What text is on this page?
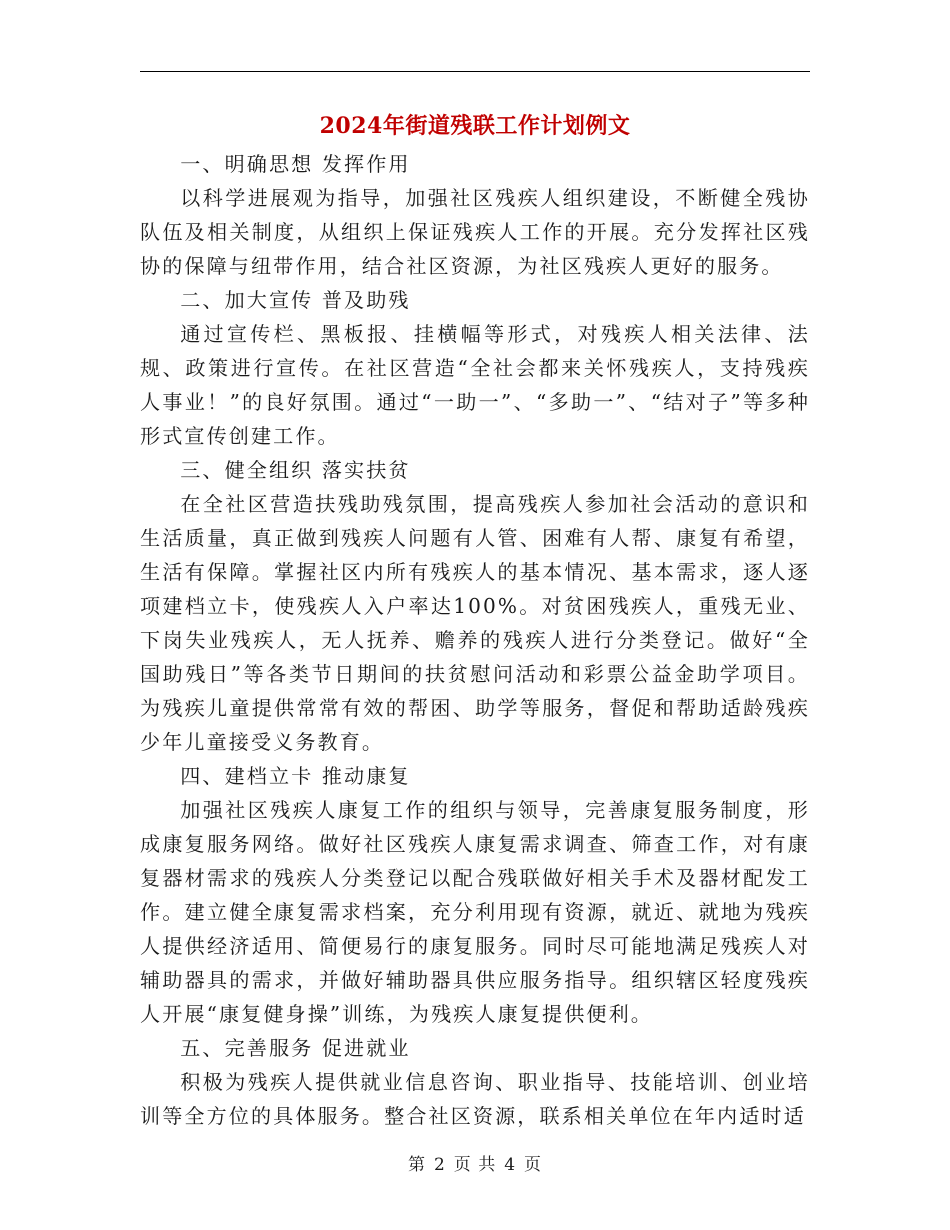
2024年街道残联工作计划例文

一、明确思想 发挥作用

以科学进展观为指导，加强社区残疾人组织建设，不断健全残协队伍及相关制度，从组织上保证残疾人工作的开展。充分发挥社区残协的保障与纽带作用，结合社区资源，为社区残疾人更好的服务。

二、加大宣传 普及助残

通过宣传栏、黑板报、挂横幅等形式，对残疾人相关法律、法规、政策进行宣传。在社区营造“全社会都来关怀残疾人，支持残疾人事业！”的良好氛围。通过“一助一”、“多助一”、“结对子”等多种形式宣传创建工作。

三、健全组织 落实扶贫

在全社区营造扶残助残氛围，提高残疾人参加社会活动的意识和生活质量，真正做到残疾人问题有人管、困难有人帮、康复有希望，生活有保障。掌握社区内所有残疾人的基本情况、基本需求，逐人逐项建档立卡，使残疾人入户率达100%。对贫困残疾人，重残无业、下岗失业残疾人，无人抚养、赡养的残疾人进行分类登记。做好“全国助残日”等各类节日期间的扶贫慰问活动和彩票公益金助学项目。为残疾儿童提供常常有效的帮困、助学等服务，督促和帮助适龄残疾少年儿童接受义务教育。

四、建档立卡 推动康复

加强社区残疾人康复工作的组织与领导，完善康复服务制度，形成康复服务网络。做好社区残疾人康复需求调查、筛查工作，对有康复器材需求的残疾人分类登记以配合残联做好相关手术及器材配发工作。建立健全康复需求档案，充分利用现有资源，就近、就地为残疾人提供经济适用、简便易行的康复服务。同时尽可能地满足残疾人对辅助器具的需求，并做好辅助器具供应服务指导。组织辖区轻度残疾人开展“康复健身操”训练，为残疾人康复提供便利。

五、完善服务 促进就业

积极为残疾人提供就业信息咨询、职业指导、技能培训、创业培训等全方位的具体服务。整合社区资源，联系相关单位在年内适时适

第 2 页 共 4 页
